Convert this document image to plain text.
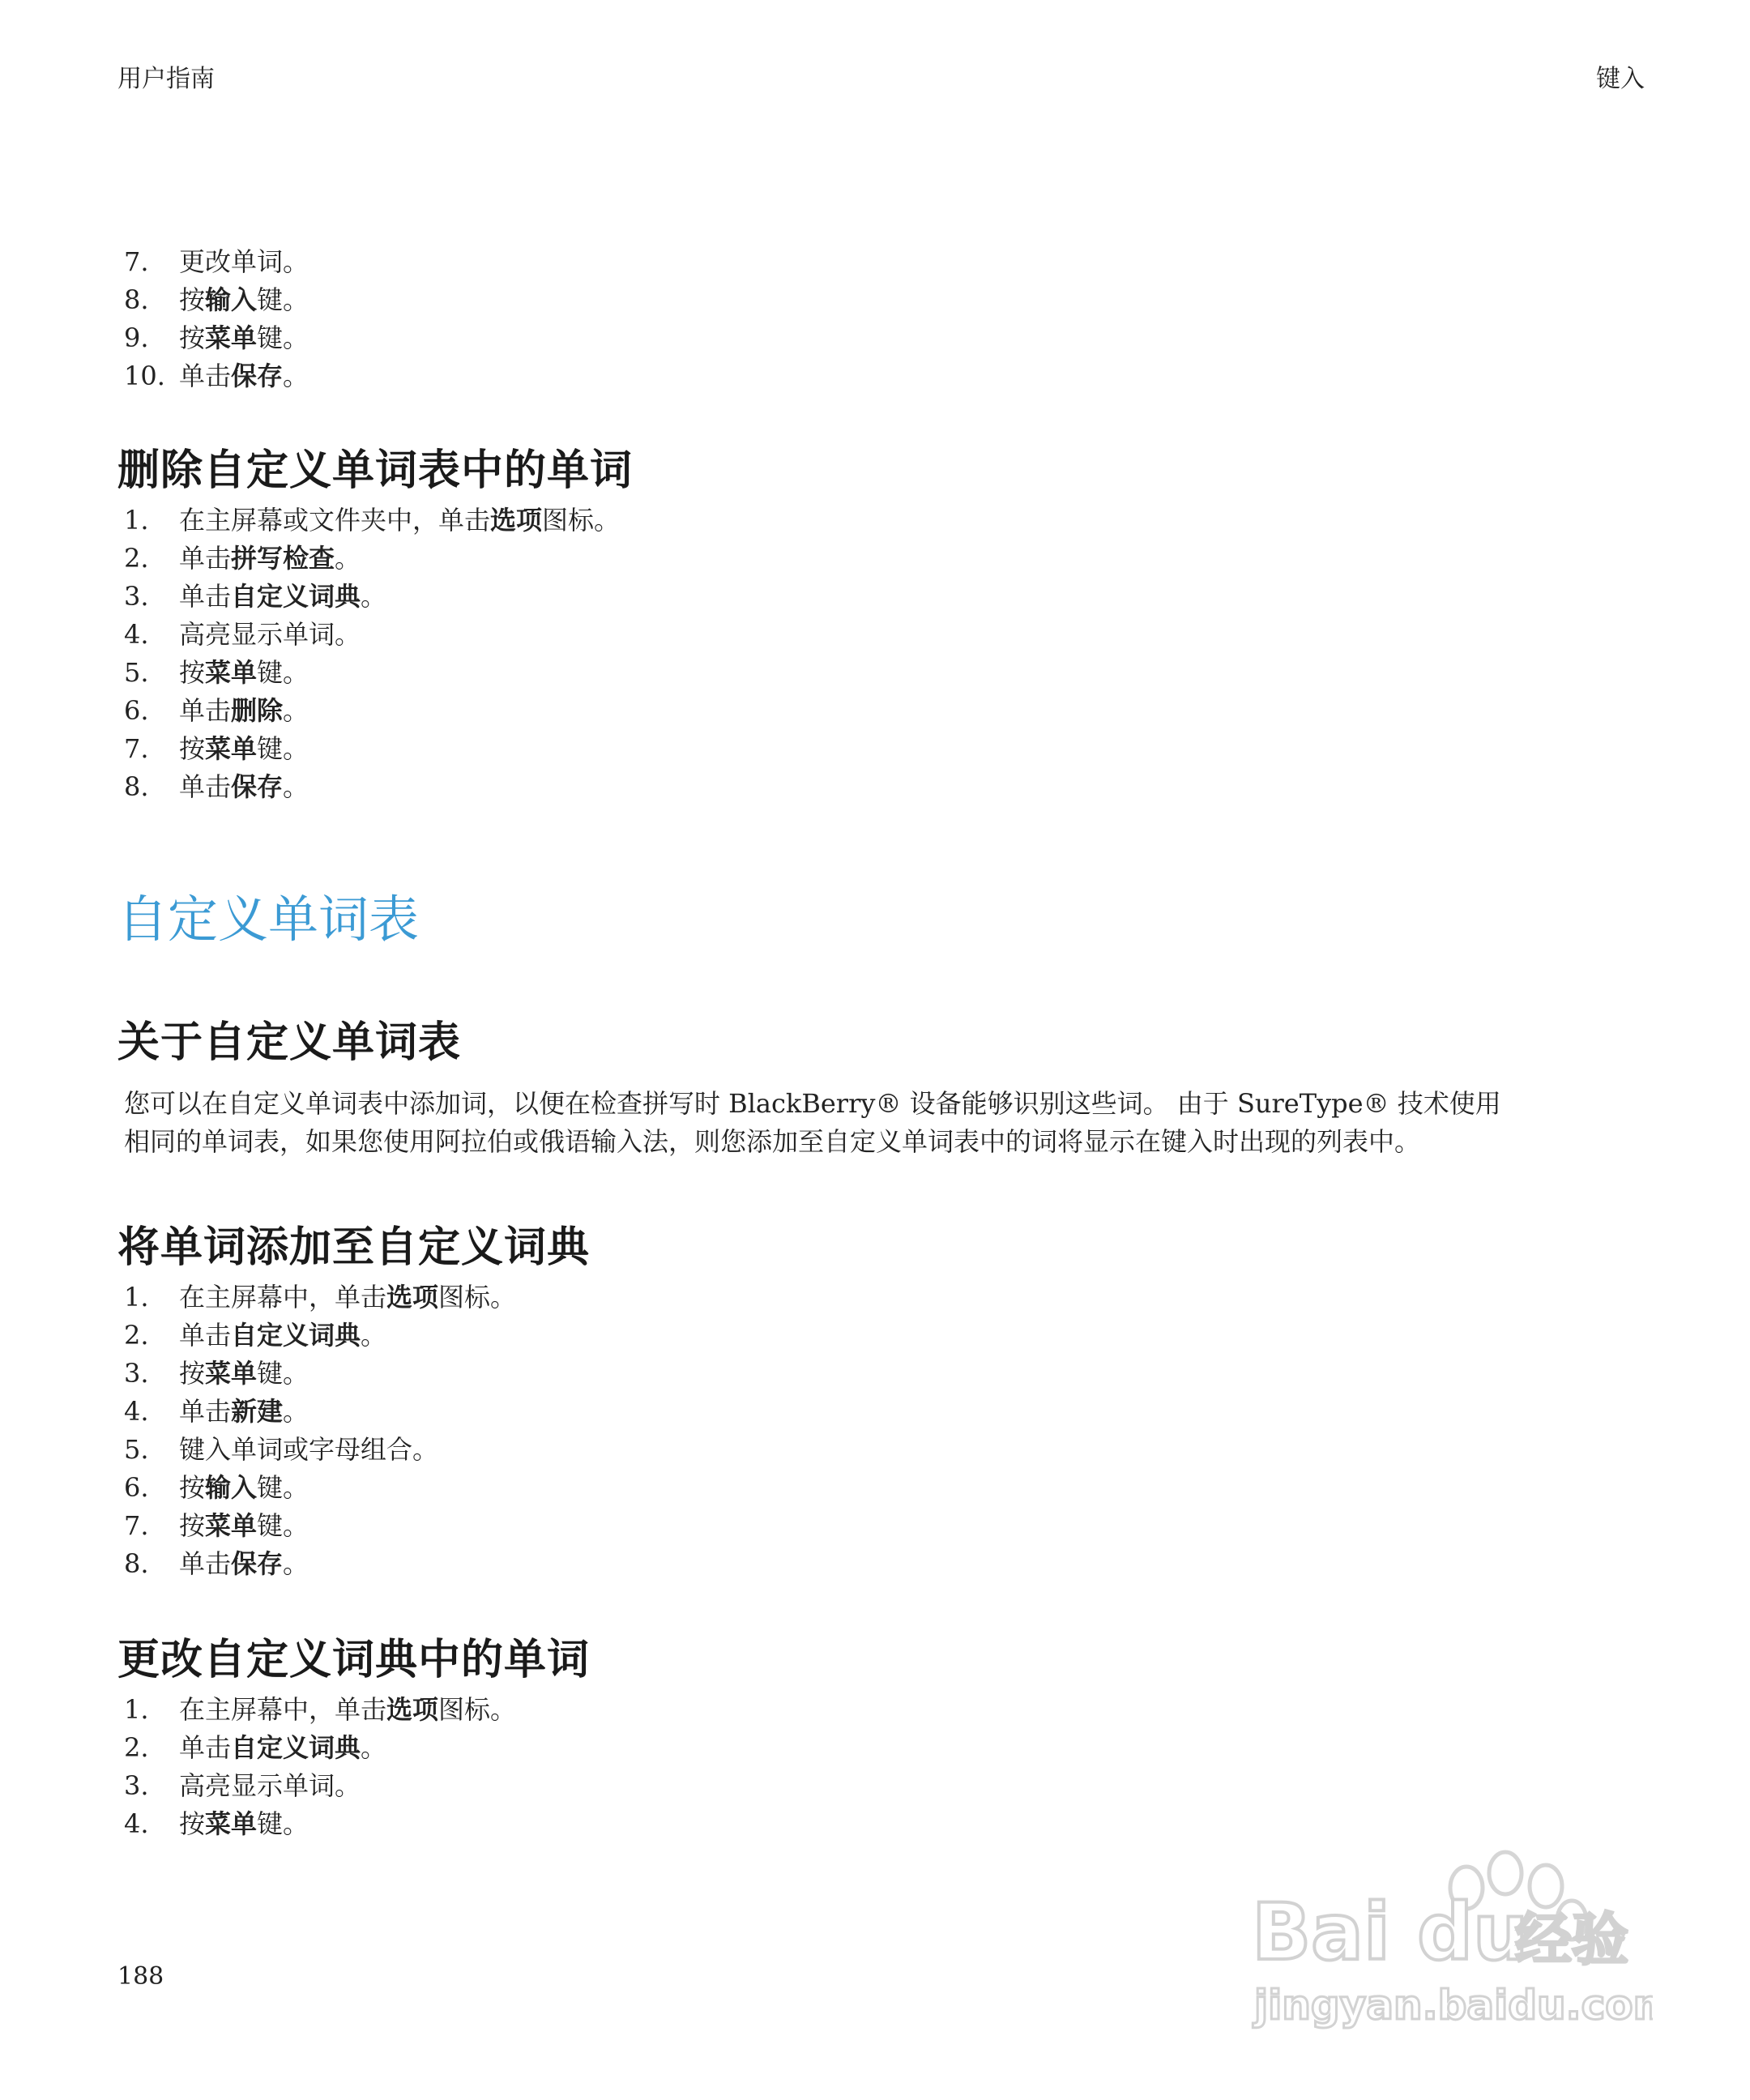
用户指南	键入
7.	更改单词。
8.	按 输入 键。
9.	按 菜单 键。
10. 单击 保存 。
删除自定义单词表中的单词
1.	在主屏幕或文件夹中，单击 选项 图标。
2.	单击 拼写检查 。
3.	单击 自定义词典 。
4.	高亮显示单词。
5.	按 菜单 键。
6.	单击 删除 。
7.	按 菜单 键。
8.	单击 保存 。
自定义单词表
关于自定义单词表

您可以在自定义单词表中添加词，以便在检查拼写时 BlackBerry® 设备能够识别这些词。 由于 SureType® 技术使用
相同的单词表，如果您使用阿拉伯或俄语输入法，则您添加至自定义单词表中的词将显示在键入时出现的列表中。

将单词添加至自定义词典
1.	在主屏幕中，单击 选项 图标。
2.	单击 自定义词典 。
3.	按 菜单 键。
4.	单击 新建 。
5.	键入单词或字母组合。
6.	按 输入 键。
7.	按 菜单 键。
8.	单击 保存 。
更改自定义词典中的单词
1.	在主屏幕中，单击 选项 图标。
2.	单击 自定义词典 。
3.	高亮显示单词。
4.	按 菜单 键。
188	Bai du
经验
jingyan.baidu.com
